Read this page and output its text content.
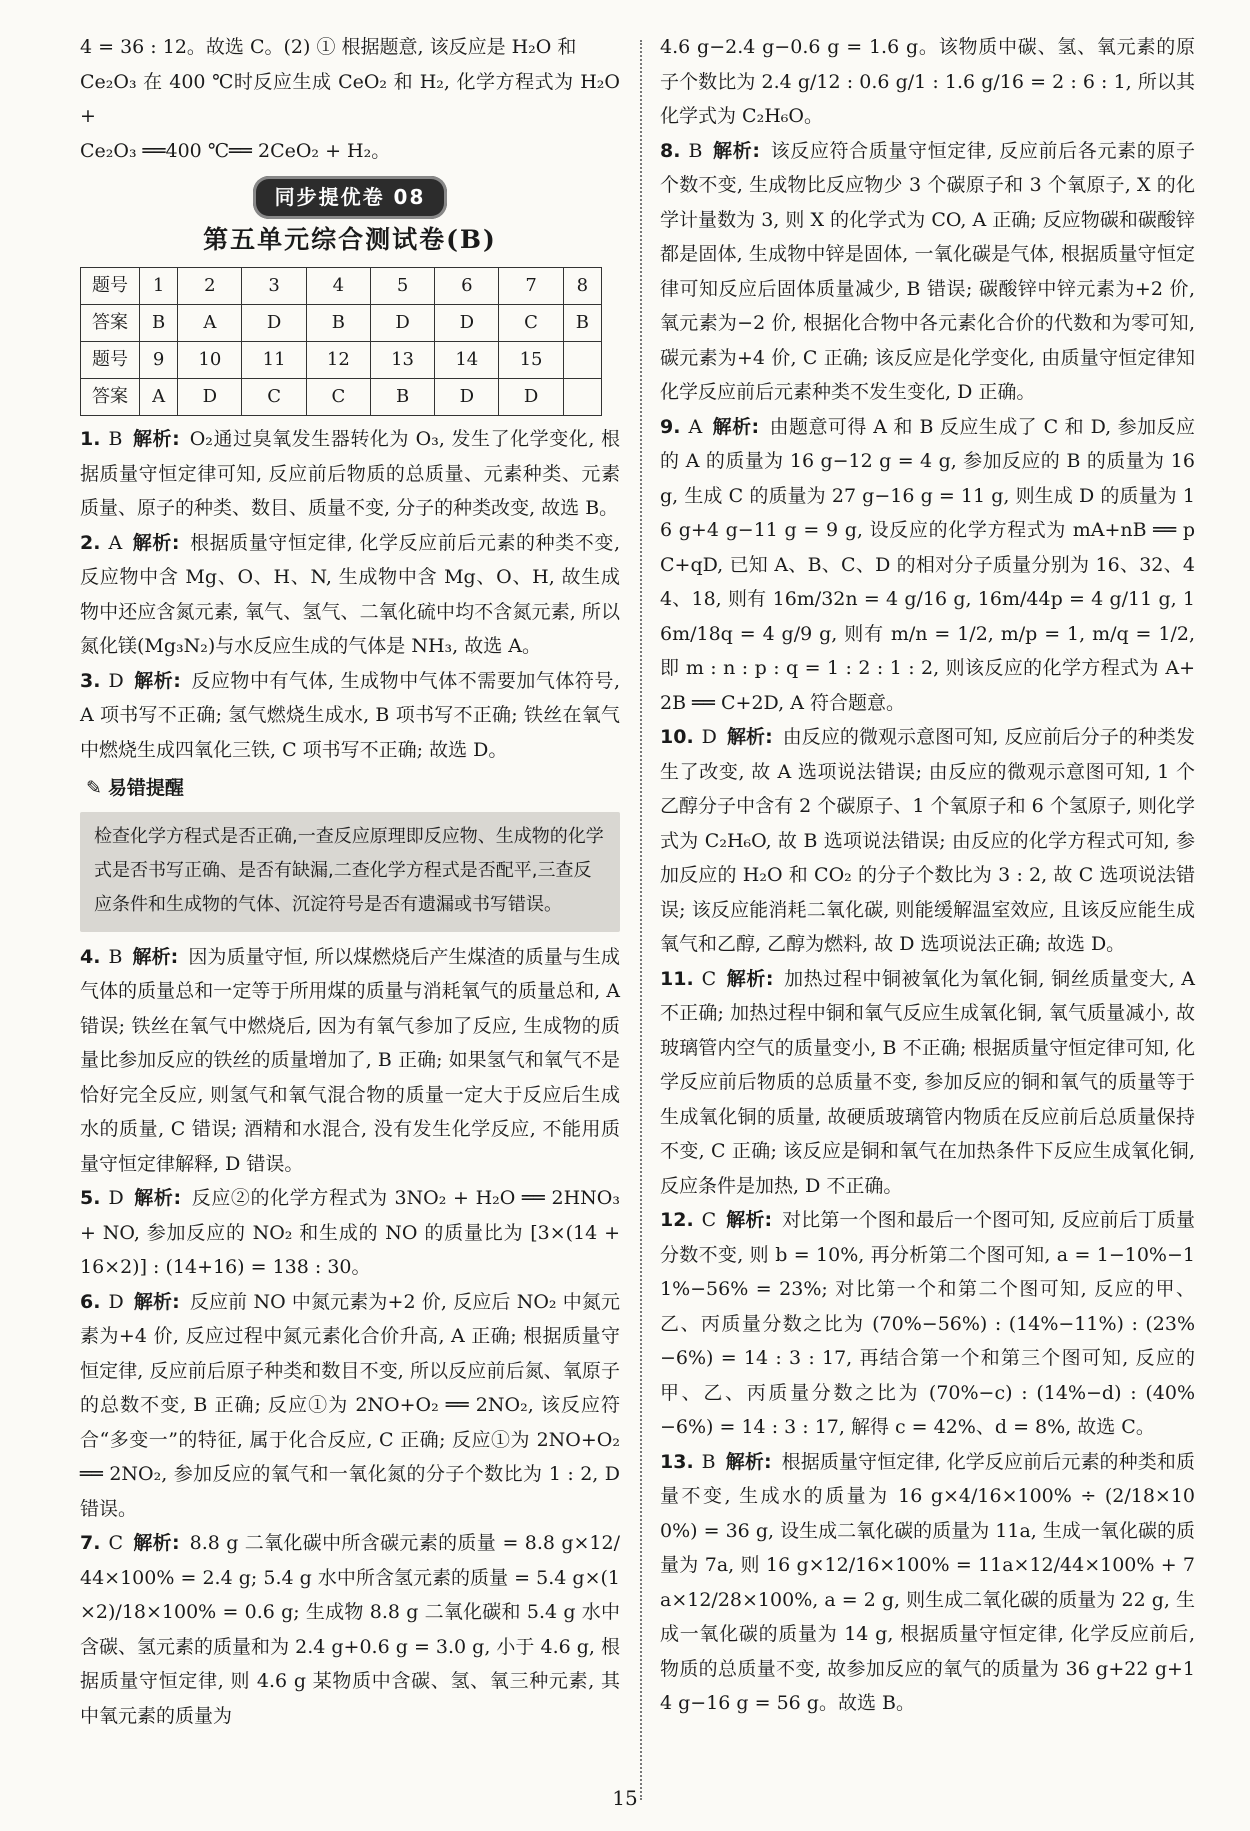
4 = 36 : 12。故选 C。(2) ① 根据题意, 该反应是 H₂O 和

Ce₂O₃ 在 400 ℃时反应生成 CeO₂ 和 H₂, 化学方程式为 H₂O +

Ce₂O₃ ══400 ℃══ 2CeO₂ + H₂。

同步提优卷 08
第五单元综合测试卷(B)
题号	1	2	3	4	5	6	7	8
答案	B	A	D	B	D	D	C	B
题号	9	10	11	12	13	14	15	
答案	A	D	C	C	B	D	D	

1. B 解析: O₂通过臭氧发生器转化为 O₃, 发生了化学变化, 根据质量守恒定律可知, 反应前后物质的总质量、元素种类、元素质量、原子的种类、数目、质量不变, 分子的种类改变, 故选 B。

2. A 解析: 根据质量守恒定律, 化学反应前后元素的种类不变, 反应物中含 Mg、O、H、N, 生成物中含 Mg、O、H, 故生成物中还应含氮元素, 氧气、氢气、二氧化硫中均不含氮元素, 所以氮化镁(Mg₃N₂)与水反应生成的气体是 NH₃, 故选 A。

3. D 解析: 反应物中有气体, 生成物中气体不需要加气体符号, A 项书写不正确; 氢气燃烧生成水, B 项书写不正确; 铁丝在氧气中燃烧生成四氧化三铁, C 项书写不正确; 故选 D。

✎ 易错提醒
检查化学方程式是否正确,一查反应原理即反应物、生成物的化学式是否书写正确、是否有缺漏,二查化学方程式是否配平,三查反应条件和生成物的气体、沉淀符号是否有遗漏或书写错误。

4. B 解析: 因为质量守恒, 所以煤燃烧后产生煤渣的质量与生成气体的质量总和一定等于所用煤的质量与消耗氧气的质量总和, A 错误; 铁丝在氧气中燃烧后, 因为有氧气参加了反应, 生成物的质量比参加反应的铁丝的质量增加了, B 正确; 如果氢气和氧气不是恰好完全反应, 则氢气和氧气混合物的质量一定大于反应后生成水的质量, C 错误; 酒精和水混合, 没有发生化学反应, 不能用质量守恒定律解释, D 错误。

5. D 解析: 反应②的化学方程式为 3NO₂ + H₂O ══ 2HNO₃ + NO, 参加反应的 NO₂ 和生成的 NO 的质量比为 [3×(14 + 16×2)] : (14+16) = 138 : 30。

6. D 解析: 反应前 NO 中氮元素为+2 价, 反应后 NO₂ 中氮元素为+4 价, 反应过程中氮元素化合价升高, A 正确; 根据质量守恒定律, 反应前后原子种类和数目不变, 所以反应前后氮、氧原子的总数不变, B 正确; 反应①为 2NO+O₂ ══ 2NO₂, 该反应符合“多变一”的特征, 属于化合反应, C 正确; 反应①为 2NO+O₂ ══ 2NO₂, 参加反应的氧气和一氧化氮的分子个数比为 1 : 2, D 错误。

7. C 解析: 8.8 g 二氧化碳中所含碳元素的质量 = 8.8 g×12/44×100% = 2.4 g; 5.4 g 水中所含氢元素的质量 = 5.4 g×(1×2)/18×100% = 0.6 g; 生成物 8.8 g 二氧化碳和 5.4 g 水中含碳、氢元素的质量和为 2.4 g+0.6 g = 3.0 g, 小于 4.6 g, 根据质量守恒定律, 则 4.6 g 某物质中含碳、氢、氧三种元素, 其中氧元素的质量为

4.6 g−2.4 g−0.6 g = 1.6 g。该物质中碳、氢、氧元素的原子个数比为 2.4 g/12 : 0.6 g/1 : 1.6 g/16 = 2 : 6 : 1, 所以其化学式为 C₂H₆O。

8. B 解析: 该反应符合质量守恒定律, 反应前后各元素的原子个数不变, 生成物比反应物少 3 个碳原子和 3 个氧原子, X 的化学计量数为 3, 则 X 的化学式为 CO, A 正确; 反应物碳和碳酸锌都是固体, 生成物中锌是固体, 一氧化碳是气体, 根据质量守恒定律可知反应后固体质量减少, B 错误; 碳酸锌中锌元素为+2 价, 氧元素为−2 价, 根据化合物中各元素化合价的代数和为零可知, 碳元素为+4 价, C 正确; 该反应是化学变化, 由质量守恒定律知化学反应前后元素种类不发生变化, D 正确。

9. A 解析: 由题意可得 A 和 B 反应生成了 C 和 D, 参加反应的 A 的质量为 16 g−12 g = 4 g, 参加反应的 B 的质量为 16 g, 生成 C 的质量为 27 g−16 g = 11 g, 则生成 D 的质量为 16 g+4 g−11 g = 9 g, 设反应的化学方程式为 mA+nB ══ pC+qD, 已知 A、B、C、D 的相对分子质量分别为 16、32、44、18, 则有 16m/32n = 4 g/16 g, 16m/44p = 4 g/11 g, 16m/18q = 4 g/9 g, 则有 m/n = 1/2, m/p = 1, m/q = 1/2, 即 m : n : p : q = 1 : 2 : 1 : 2, 则该反应的化学方程式为 A+2B ══ C+2D, A 符合题意。

10. D 解析: 由反应的微观示意图可知, 反应前后分子的种类发生了改变, 故 A 选项说法错误; 由反应的微观示意图可知, 1 个乙醇分子中含有 2 个碳原子、1 个氧原子和 6 个氢原子, 则化学式为 C₂H₆O, 故 B 选项说法错误; 由反应的化学方程式可知, 参加反应的 H₂O 和 CO₂ 的分子个数比为 3 : 2, 故 C 选项说法错误; 该反应能消耗二氧化碳, 则能缓解温室效应, 且该反应能生成氧气和乙醇, 乙醇为燃料, 故 D 选项说法正确; 故选 D。

11. C 解析: 加热过程中铜被氧化为氧化铜, 铜丝质量变大, A 不正确; 加热过程中铜和氧气反应生成氧化铜, 氧气质量减小, 故玻璃管内空气的质量变小, B 不正确; 根据质量守恒定律可知, 化学反应前后物质的总质量不变, 参加反应的铜和氧气的质量等于生成氧化铜的质量, 故硬质玻璃管内物质在反应前后总质量保持不变, C 正确; 该反应是铜和氧气在加热条件下反应生成氧化铜, 反应条件是加热, D 不正确。

12. C 解析: 对比第一个图和最后一个图可知, 反应前后丁质量分数不变, 则 b = 10%, 再分析第二个图可知, a = 1−10%−11%−56% = 23%; 对比第一个和第二个图可知, 反应的甲、乙、丙质量分数之比为 (70%−56%) : (14%−11%) : (23%−6%) = 14 : 3 : 17, 再结合第一个和第三个图可知, 反应的甲、乙、丙质量分数之比为 (70%−c) : (14%−d) : (40%−6%) = 14 : 3 : 17, 解得 c = 42%、d = 8%, 故选 C。

13. B 解析: 根据质量守恒定律, 化学反应前后元素的种类和质量不变, 生成水的质量为 16 g×4/16×100% ÷ (2/18×100%) = 36 g, 设生成二氧化碳的质量为 11a, 生成一氧化碳的质量为 7a, 则 16 g×12/16×100% = 11a×12/44×100% + 7a×12/28×100%, a = 2 g, 则生成二氧化碳的质量为 22 g, 生成一氧化碳的质量为 14 g, 根据质量守恒定律, 化学反应前后, 物质的总质量不变, 故参加反应的氧气的质量为 36 g+22 g+14 g−16 g = 56 g。故选 B。

15
